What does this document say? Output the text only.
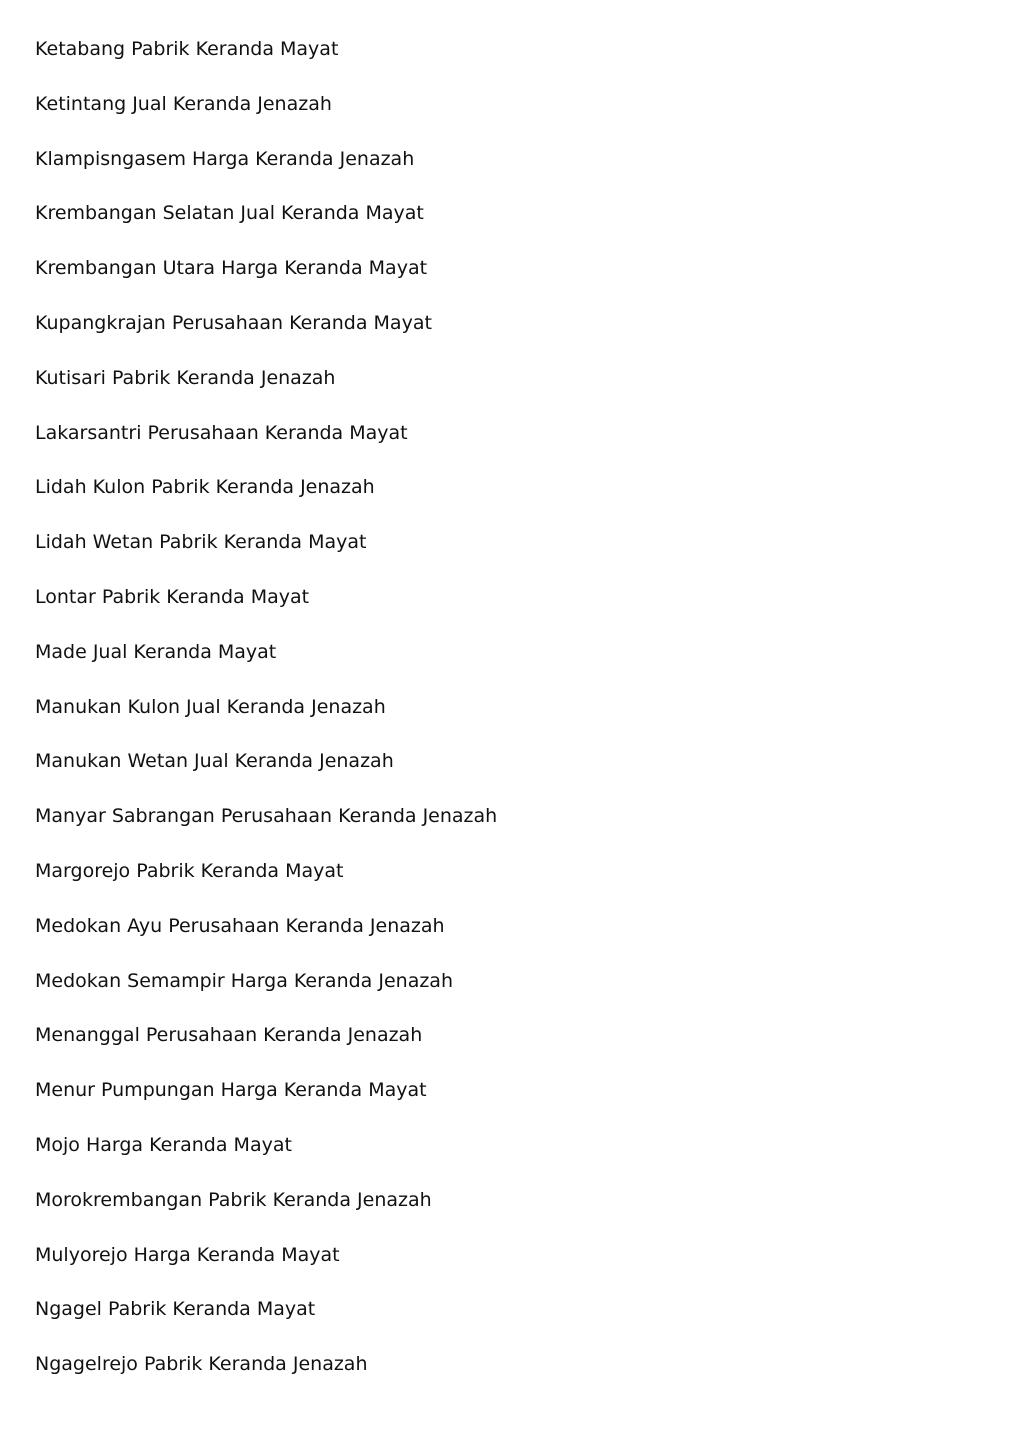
Ketabang Pabrik Keranda Mayat
Ketintang Jual Keranda Jenazah
Klampisngasem Harga Keranda Jenazah
Krembangan Selatan Jual Keranda Mayat
Krembangan Utara Harga Keranda Mayat
Kupangkrajan Perusahaan Keranda Mayat
Kutisari Pabrik Keranda Jenazah
Lakarsantri Perusahaan Keranda Mayat
Lidah Kulon Pabrik Keranda Jenazah
Lidah Wetan Pabrik Keranda Mayat
Lontar Pabrik Keranda Mayat
Made Jual Keranda Mayat
Manukan Kulon Jual Keranda Jenazah
Manukan Wetan Jual Keranda Jenazah
Manyar Sabrangan Perusahaan Keranda Jenazah
Margorejo Pabrik Keranda Mayat
Medokan Ayu Perusahaan Keranda Jenazah
Medokan Semampir Harga Keranda Jenazah
Menanggal Perusahaan Keranda Jenazah
Menur Pumpungan Harga Keranda Mayat
Mojo Harga Keranda Mayat
Morokrembangan Pabrik Keranda Jenazah
Mulyorejo Harga Keranda Mayat
Ngagel Pabrik Keranda Mayat
Ngagelrejo Pabrik Keranda Jenazah
